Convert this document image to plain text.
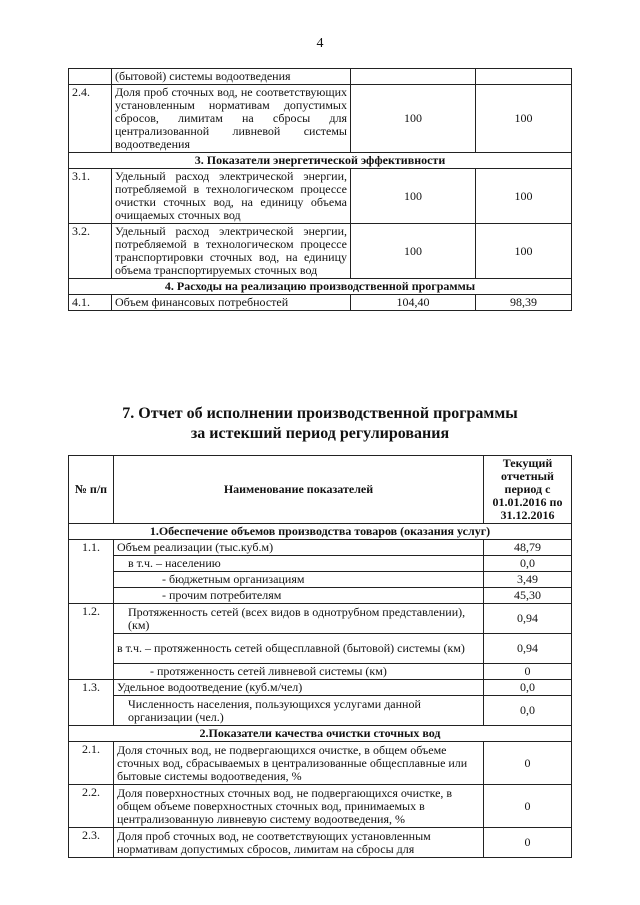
4
	(бытовой) системы водоотведения		
2.4.	Доля проб сточных вод, не соответствующих установленным нормативам допустимых сбросов, лимитам на сбросы для централизованной ливневой системы водоотведения	100	100
3. Показатели энергетической эффективности			
3.1.	Удельный расход электрической энергии, потребляемой в технологическом процессе очистки сточных вод, на единицу объема очищаемых сточных вод	100	100
3.2.	Удельный расход электрической энергии, потребляемой в технологическом процессе транспортировки сточных вод, на единицу объема транспортируемых сточных вод	100	100
4. Расходы на реализацию производственной программы			
4.1.	Объем финансовых потребностей	104,40	98,39
7. Отчет об исполнении производственной программы
за истекший период регулирования
№ п/п	Наименование показателей	Текущий отчетный период с 01.01.2016 по 31.12.2016
1.Обеспечение объемов производства товаров (оказания услуг)		
1.1.	Объем реализации (тыс.куб.м)	48,79
	в т.ч. – населению	0,0
	- бюджетным организациям	3,49
	- прочим потребителям	45,30
1.2.	Протяженность сетей (всех видов в однотрубном представлении), (км)	0,94
	в т.ч. – протяженность сетей общесплавной (бытовой) системы (км)	0,94
	- протяженность сетей ливневой системы (км)	0
1.3.	Удельное водоотведение (куб.м/чел)	0,0
	Численность населения, пользующихся услугами данной организации (чел.)	0,0
2.Показатели качества очистки сточных вод		
2.1.	Доля сточных вод, не подвергающихся очистке, в общем объеме сточных вод, сбрасываемых в централизованные общесплавные или бытовые системы водоотведения, %	0
2.2.	Доля поверхностных сточных вод, не подвергающихся очистке, в общем объеме поверхностных сточных вод, принимаемых в централизованную ливневую систему водоотведения, %	0
2.3.	Доля проб сточных вод, не соответствующих установленным нормативам допустимых сбросов, лимитам на сбросы для	0
